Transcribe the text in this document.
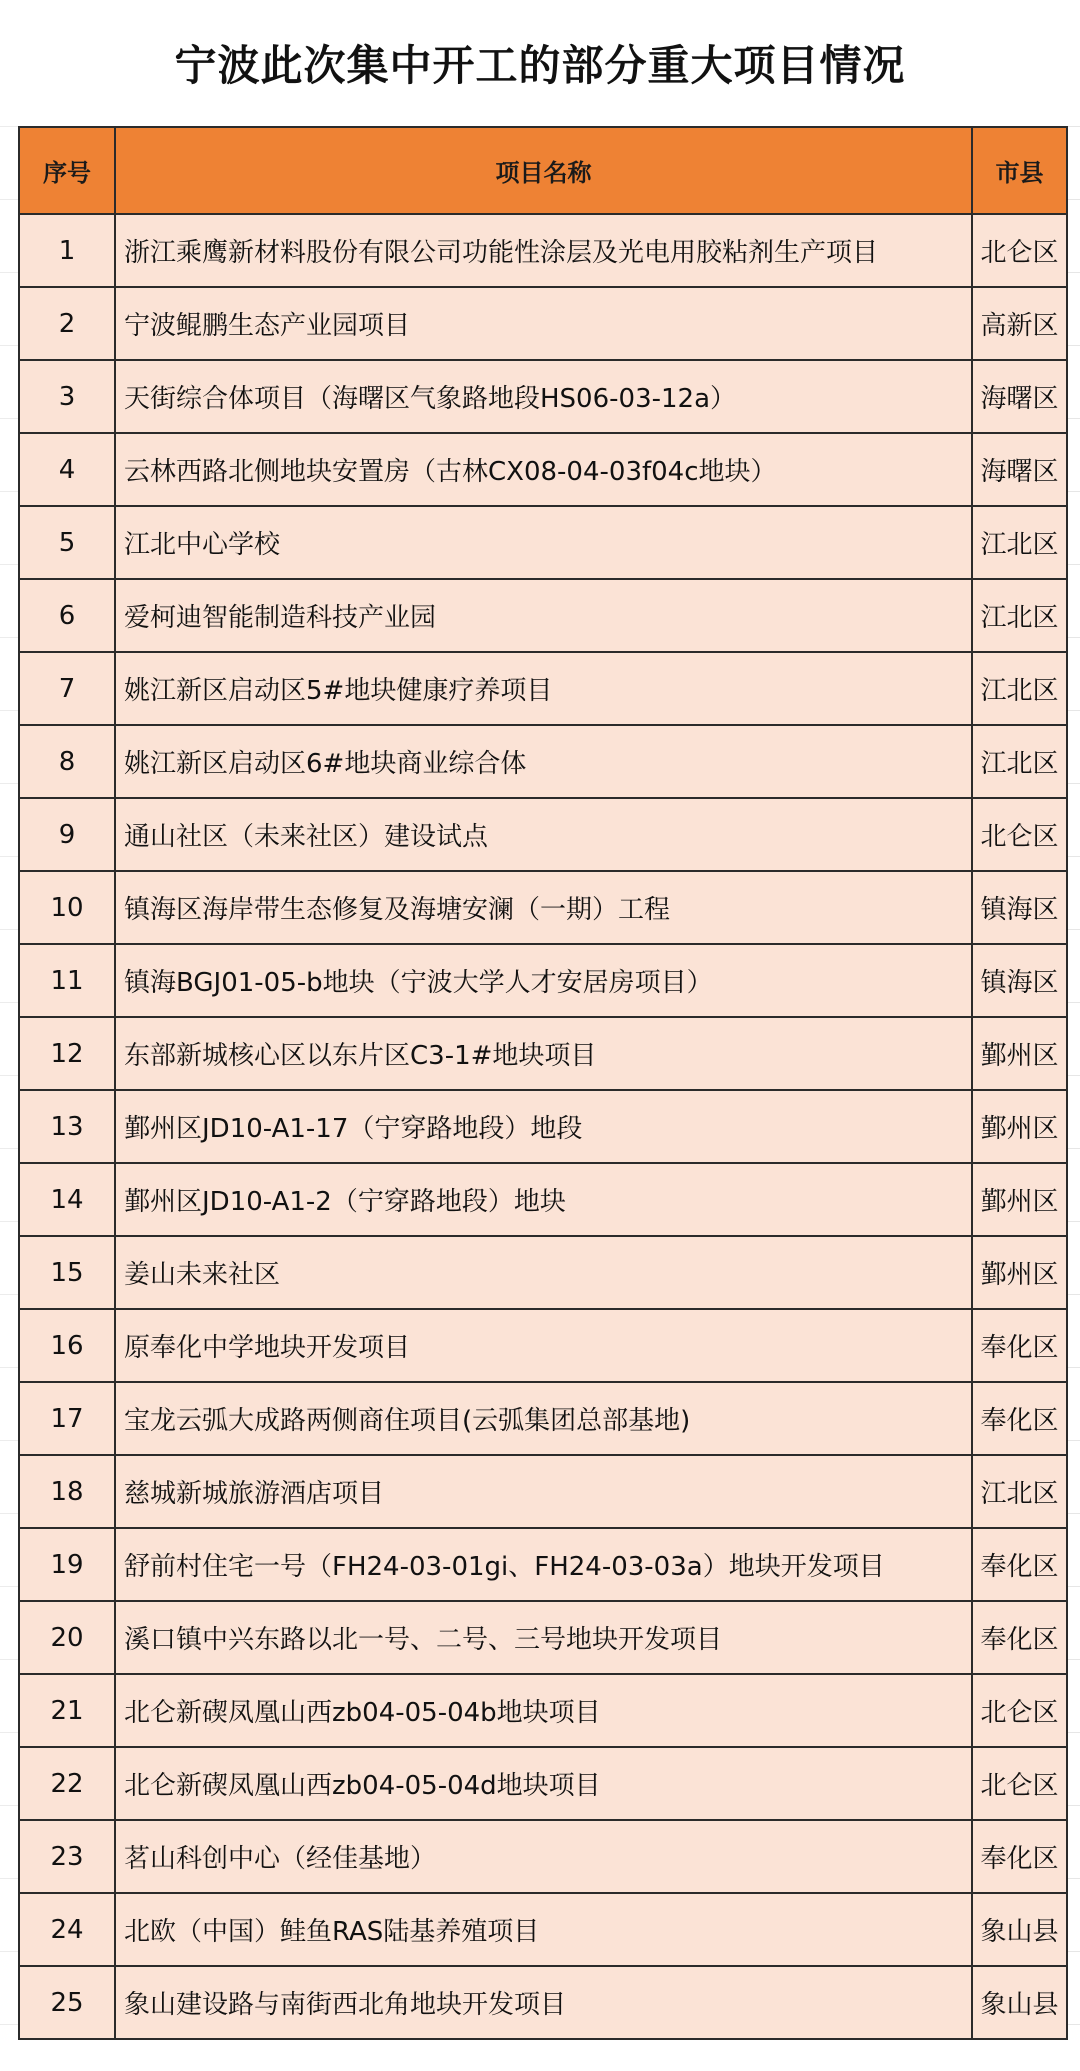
宁波此次集中开工的部分重大项目情况
序号	项目名称	市县
1	浙江乘鹰新材料股份有限公司功能性涂层及光电用胶粘剂生产项目	北仑区
2	宁波鲲鹏生态产业园项目	高新区
3	天街综合体项目（海曙区气象路地段HS06-03-12a）	海曙区
4	云林西路北侧地块安置房（古林CX08-04-03f04c地块）	海曙区
5	江北中心学校	江北区
6	爱柯迪智能制造科技产业园	江北区
7	姚江新区启动区5#地块健康疗养项目	江北区
8	姚江新区启动区6#地块商业综合体	江北区
9	通山社区（未来社区）建设试点	北仑区
10	镇海区海岸带生态修复及海塘安澜（一期）工程	镇海区
11	镇海BGJ01-05-b地块（宁波大学人才安居房项目）	镇海区
12	东部新城核心区以东片区C3-1#地块项目	鄞州区
13	鄞州区JD10-A1-17（宁穿路地段）地段	鄞州区
14	鄞州区JD10-A1-2（宁穿路地段）地块	鄞州区
15	姜山未来社区	鄞州区
16	原奉化中学地块开发项目	奉化区
17	宝龙云弧大成路两侧商住项目(云弧集团总部基地)	奉化区
18	慈城新城旅游酒店项目	江北区
19	舒前村住宅一号（FH24-03-01gi、FH24-03-03a）地块开发项目	奉化区
20	溪口镇中兴东路以北一号、二号、三号地块开发项目	奉化区
21	北仑新碶凤凰山西zb04-05-04b地块项目	北仑区
22	北仑新碶凤凰山西zb04-05-04d地块项目	北仑区
23	茗山科创中心（经佳基地）	奉化区
24	北欧（中国）鲑鱼RAS陆基养殖项目	象山县
25	象山建设路与南街西北角地块开发项目	象山县
